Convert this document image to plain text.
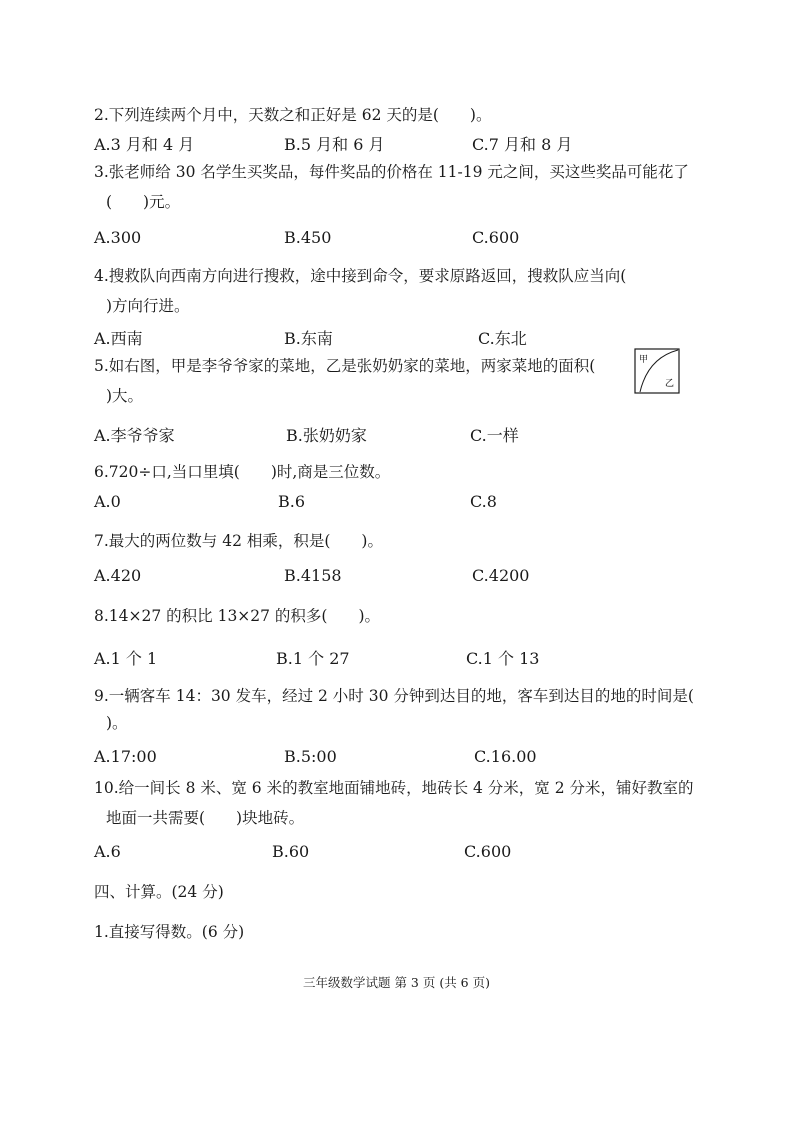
2.下列连续两个月中，天数之和正好是 62 天的是(　　)。
A.3 月和 4 月	B.5 月和 6 月	C.7 月和 8 月
3.张老师给 30 名学生买奖品，每件奖品的价格在 11-19 元之间，买这些奖品可能花了
(　　)元。
A.300	B.450	C.600
4.搜救队向西南方向进行搜救，途中接到命令，要求原路返回，搜救队应当向(
)方向行进。
A.西南	B.东南	C.东北
5.如右图，甲是李爷爷家的菜地，乙是张奶奶家的菜地，两家菜地的面积(
)大。
甲
乙
A.李爷爷家	B.张奶奶家	C.一样
6.720÷口,当口里填(　　)时,商是三位数。
A.0	B.6	C.8
7.最大的两位数与 42 相乘，积是(　　)。
A.420	B.4158	C.4200
8.14×27 的积比 13×27 的积多(　　)。
A.1 个 1	B.1 个 27	C.1 个 13
9.一辆客车 14：30 发车，经过 2 小时 30 分钟到达目的地，客车到达目的地的时间是(
)。
A.17:00	B.5:00	C.16.00
10.给一间长 8 米、宽 6 米的教室地面铺地砖，地砖长 4 分米，宽 2 分米，铺好教室的
地面一共需要(　　)块地砖。
A.6	B.60	C.600
四、计算。(24 分)
1.直接写得数。(6 分)
三年级数学试题 第 3 页 (共 6 页)
